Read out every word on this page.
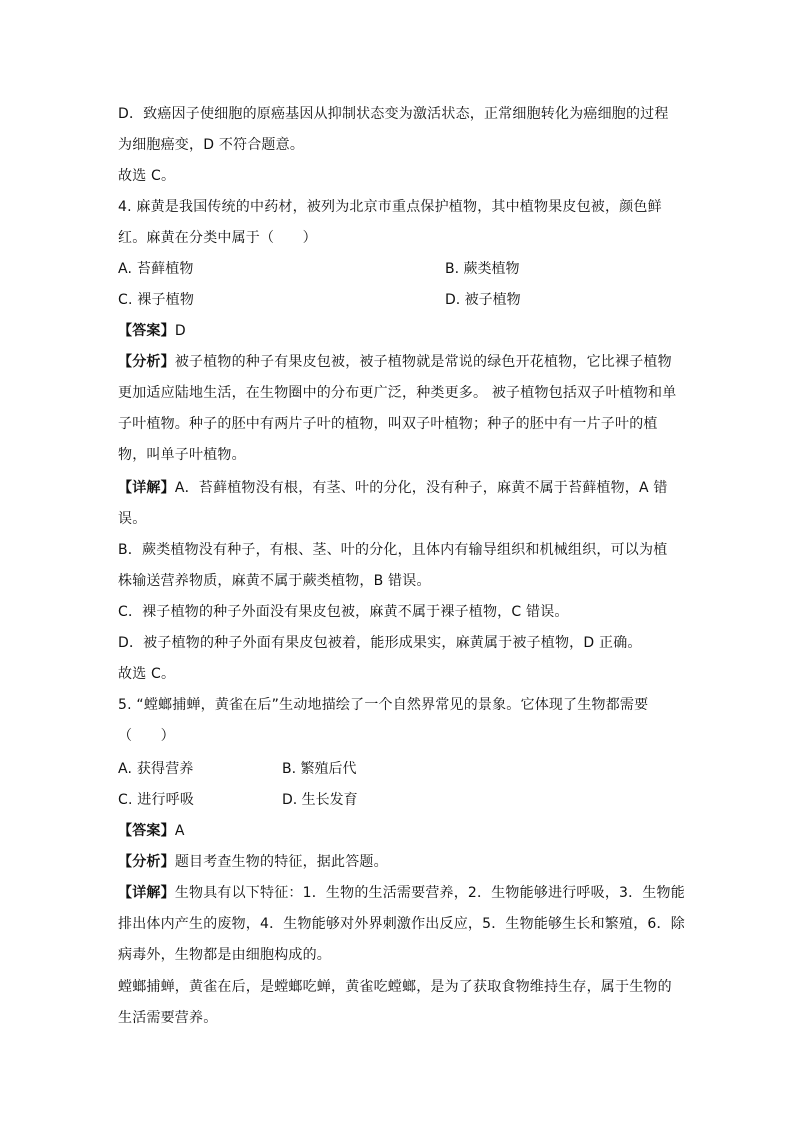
D．致癌因子使细胞的原癌基因从抑制状态变为激活状态，正常细胞转化为癌细胞的过程
为细胞癌变，D 不符合题意。
故选 C。
4. 麻黄是我国传统的中药材，被列为北京市重点保护植物，其中植物果皮包被，颜色鲜
红。麻黄在分类中属于（　　）
A. 苔藓植物	B. 蕨类植物
C. 裸子植物	D. 被子植物
【答案】D
【分析】被子植物的种子有果皮包被，被子植物就是常说的绿色开花植物，它比裸子植物
更加适应陆地生活，在生物圈中的分布更广泛，种类更多。 被子植物包括双子叶植物和单
子叶植物。种子的胚中有两片子叶的植物，叫双子叶植物；种子的胚中有一片子叶的植
物，叫单子叶植物。
【详解】A．苔藓植物没有根，有茎、叶的分化，没有种子，麻黄不属于苔藓植物，A 错
误。
B．蕨类植物没有种子，有根、茎、叶的分化，且体内有输导组织和机械组织，可以为植
株输送营养物质，麻黄不属于蕨类植物，B 错误。
C．裸子植物的种子外面没有果皮包被，麻黄不属于裸子植物，C 错误。
D．被子植物的种子外面有果皮包被着，能形成果实，麻黄属于被子植物，D 正确。
故选 C。
5. “螳螂捕蝉，黄雀在后”生动地描绘了一个自然界常见的景象。它体现了生物都需要
（　　）
A. 获得营养	B. 繁殖后代
C. 进行呼吸	D. 生长发育
【答案】A
【分析】题目考查生物的特征，据此答题。
【详解】生物具有以下特征：1．生物的生活需要营养，2．生物能够进行呼吸，3．生物能
排出体内产生的废物，4．生物能够对外界刺激作出反应，5．生物能够生长和繁殖，6．除
病毒外，生物都是由细胞构成的。
螳螂捕蝉，黄雀在后，是螳螂吃蝉，黄雀吃螳螂，是为了获取食物维持生存，属于生物的
生活需要营养。
